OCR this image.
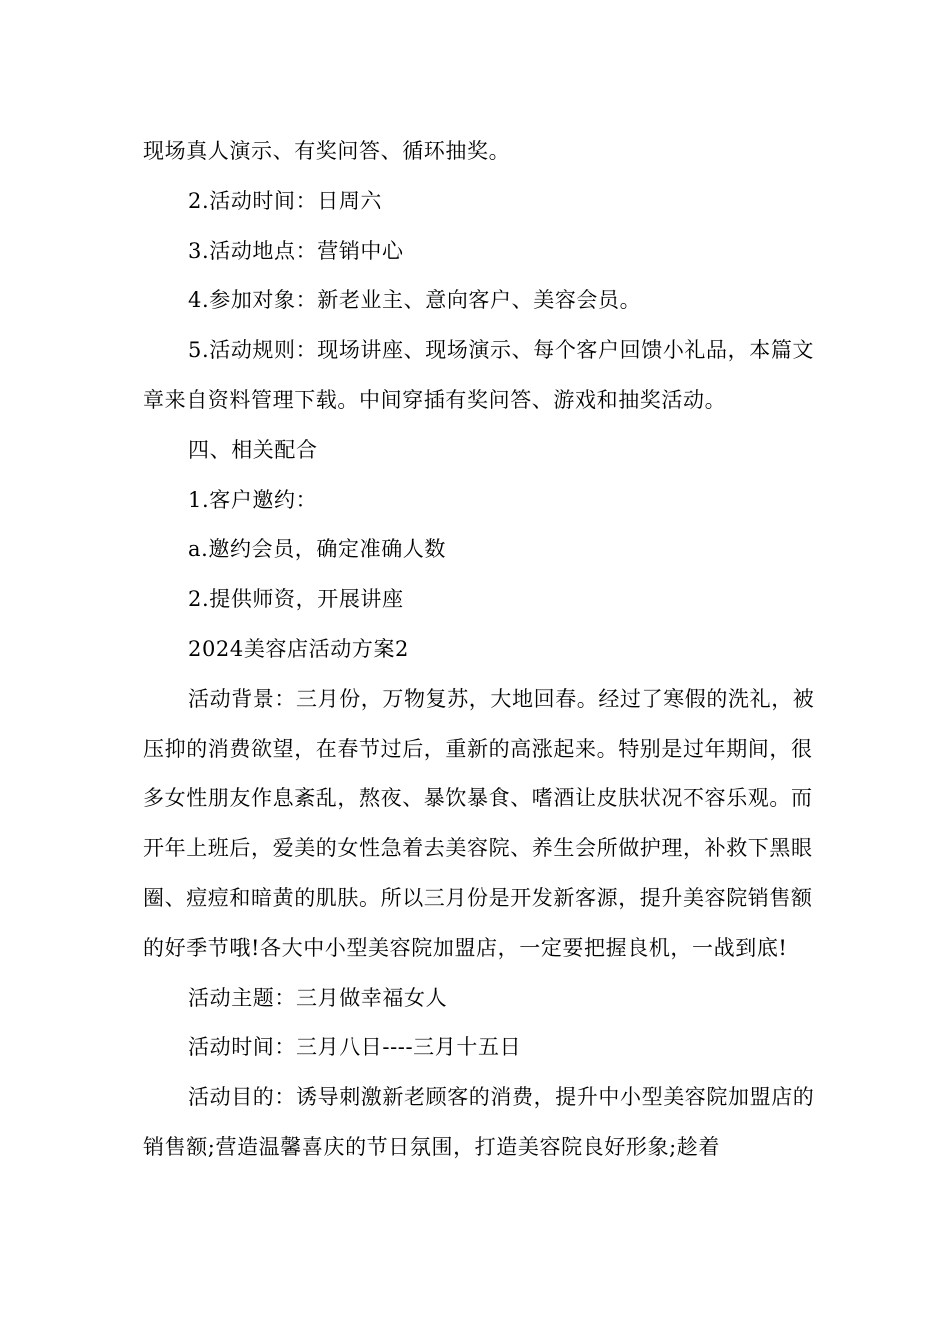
现场真人演示、有奖问答、循环抽奖。

2.活动时间：日周六

3.活动地点：营销中心

4.参加对象：新老业主、意向客户、美容会员。

5.活动规则：现场讲座、现场演示、每个客户回馈小礼品，本篇文章来自资料管理下载。中间穿插有奖问答、游戏和抽奖活动。

四、相关配合

1.客户邀约：

a.邀约会员，确定准确人数

2.提供师资，开展讲座

2024美容店活动方案2

活动背景：三月份，万物复苏，大地回春。经过了寒假的洗礼，被压抑的消费欲望，在春节过后，重新的高涨起来。特别是过年期间，很多女性朋友作息紊乱，熬夜、暴饮暴食、嗜酒让皮肤状况不容乐观。而开年上班后，爱美的女性急着去美容院、养生会所做护理，补救下黑眼圈、痘痘和暗黄的肌肤。所以三月份是开发新客源，提升美容院销售额的好季节哦!各大中小型美容院加盟店，一定要把握良机，一战到底!

活动主题：三月做幸福女人

活动时间：三月八日----三月十五日

活动目的：诱导刺激新老顾客的消费，提升中小型美容院加盟店的销售额;营造温馨喜庆的节日氛围，打造美容院良好形象;趁着
